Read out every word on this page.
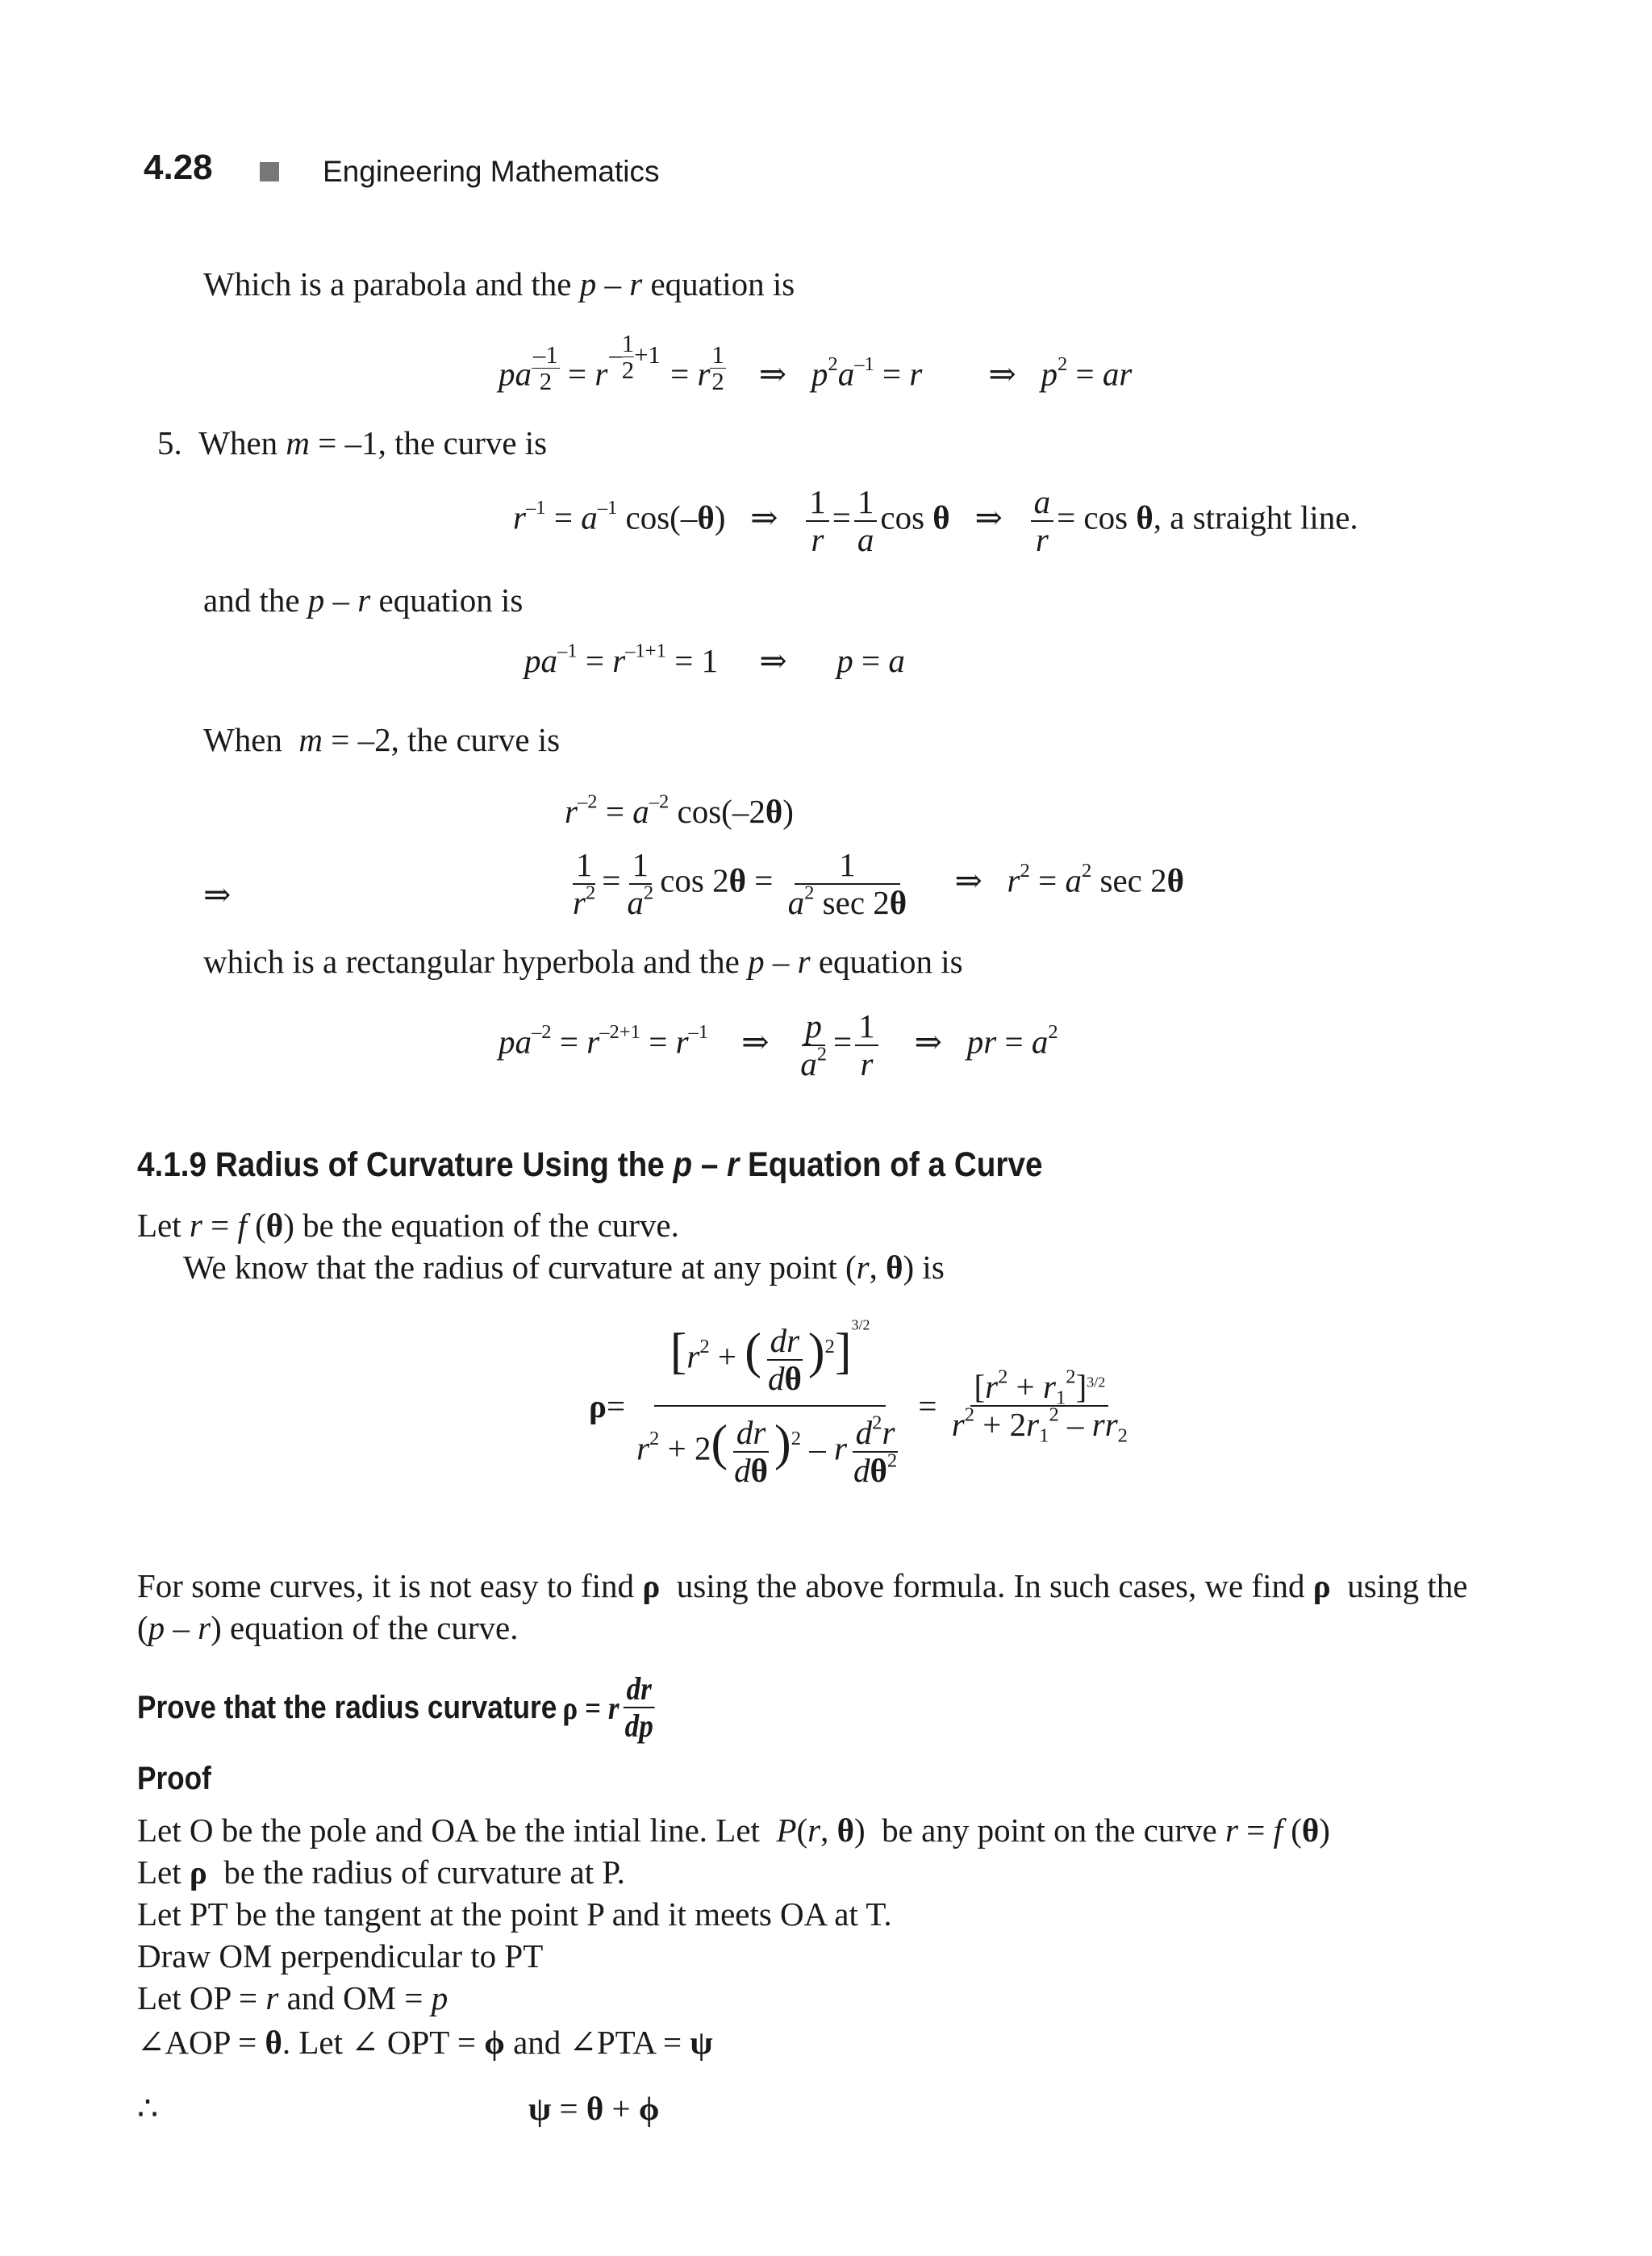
4.28	Engineering Mathematics
Which is a parabola and the p – r equation is
pa $\frac{-1}{2} = r$
– $\frac{1}{2} +1$
= r $\frac{1}{2}$ ⇒   $p^2a^{-1} = r$        ⇒   $p^2$ = ar
5.  When m = –1, the curve is
$r^{-1} = a^{-1}$ cos(–θ)   ⇒ $\frac{1}{r} = \frac{1}{a}$ cos θ   ⇒ $\frac{a}{r} = \cos \theta$, a straight line.
and the p – r equation is
$pa^{-1} = r^{-1+1} = 1$     ⇒      p = a
When  m = –2, the curve is
$r^{-2} = a^{-2}$ cos(–2θ)
⇒	$\frac{1}{r^2} = \frac{1}{a^2}$ $\cos 2\theta = \frac{1}{a^2 \sec 2\theta}$ ⇒   $r^2 = a^2$ sec 2θ
which is a rectangular hyperbola and the p – r equation is
$pa^{-2} = r^{-2+1} = r^{-1}$    ⇒ $\frac{p}{a^2} = \frac{1}{r}$ ⇒   pr = $a^2$
4.1.9 Radius of Curvature Using the p – r Equation of a Curve
Let r = f (θ) be the equation of the curve.
We know that the radius of curvature at any point (r, θ) is
$\rho = \frac{[r^2 + ( \frac{dr}{d\theta} )^2]^{3/2}}{r^2 + 2( \frac{dr}{d\theta} )^2 - r \frac{d^2r}{d\theta^2}} = \frac{[r^2 + r_1^2]^{3/2}}{r^2 + 2r_1^2 - rr_2}$
For some curves, it is not easy to find ρ  using the above formula. In such cases, we find ρ  using the
(p – r) equation of the curve.
Prove that the radius curvature ρ = r $\frac{dr}{dp}$
Proof
Let O be the pole and OA be the intial line. Let  P(r, θ)  be any point on the curve r = f (θ)
Let ρ  be the radius of curvature at P.
Let PT be the tangent at the point P and it meets OA at T.
Draw OM perpendicular to PT
Let OP = r and OM = p
∠AOP = θ. Let ∠ OPT = ϕ and ∠PTA = ψ
∴	ψ = θ + ϕ
